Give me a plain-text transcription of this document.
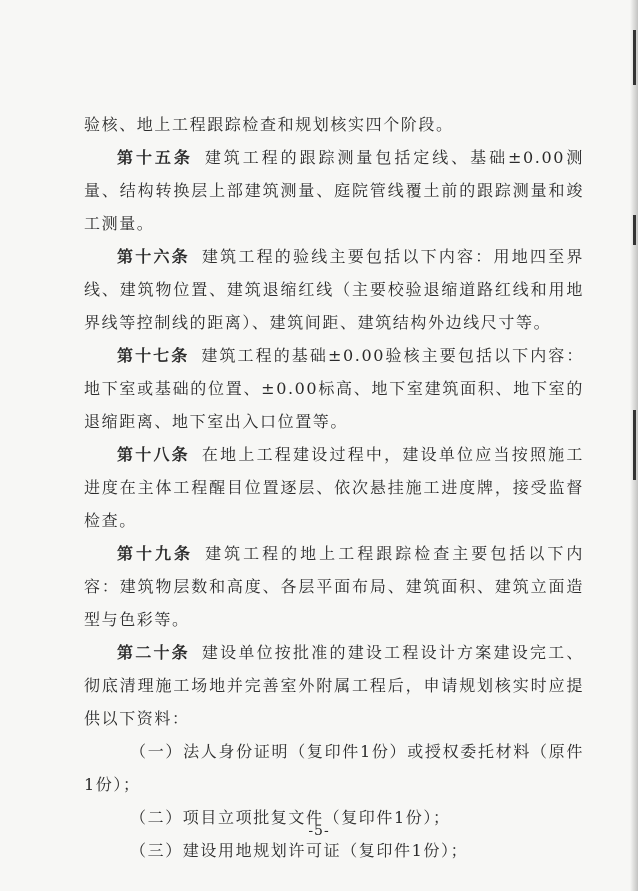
验核、地上工程跟踪检查和规划核实四个阶段。

第十五条 建筑工程的跟踪测量包括定线、基础±0.00测量、结构转换层上部建筑测量、庭院管线覆土前的跟踪测量和竣工测量。

第十六条 建筑工程的验线主要包括以下内容：用地四至界线、建筑物位置、建筑退缩红线（主要校验退缩道路红线和用地界线等控制线的距离）、建筑间距、建筑结构外边线尺寸等。

第十七条 建筑工程的基础±0.00验核主要包括以下内容：地下室或基础的位置、±0.00标高、地下室建筑面积、地下室的退缩距离、地下室出入口位置等。

第十八条 在地上工程建设过程中，建设单位应当按照施工进度在主体工程醒目位置逐层、依次悬挂施工进度牌，接受监督检查。

第十九条 建筑工程的地上工程跟踪检查主要包括以下内容：建筑物层数和高度、各层平面布局、建筑面积、建筑立面造型与色彩等。

第二十条 建设单位按批准的建设工程设计方案建设完工、彻底清理施工场地并完善室外附属工程后，申请规划核实时应提供以下资料：

（一）法人身份证明（复印件1份）或授权委托材料（原件1份）；

（二）项目立项批复文件（复印件1份）；

（三）建设用地规划许可证（复印件1份）；

-5-
